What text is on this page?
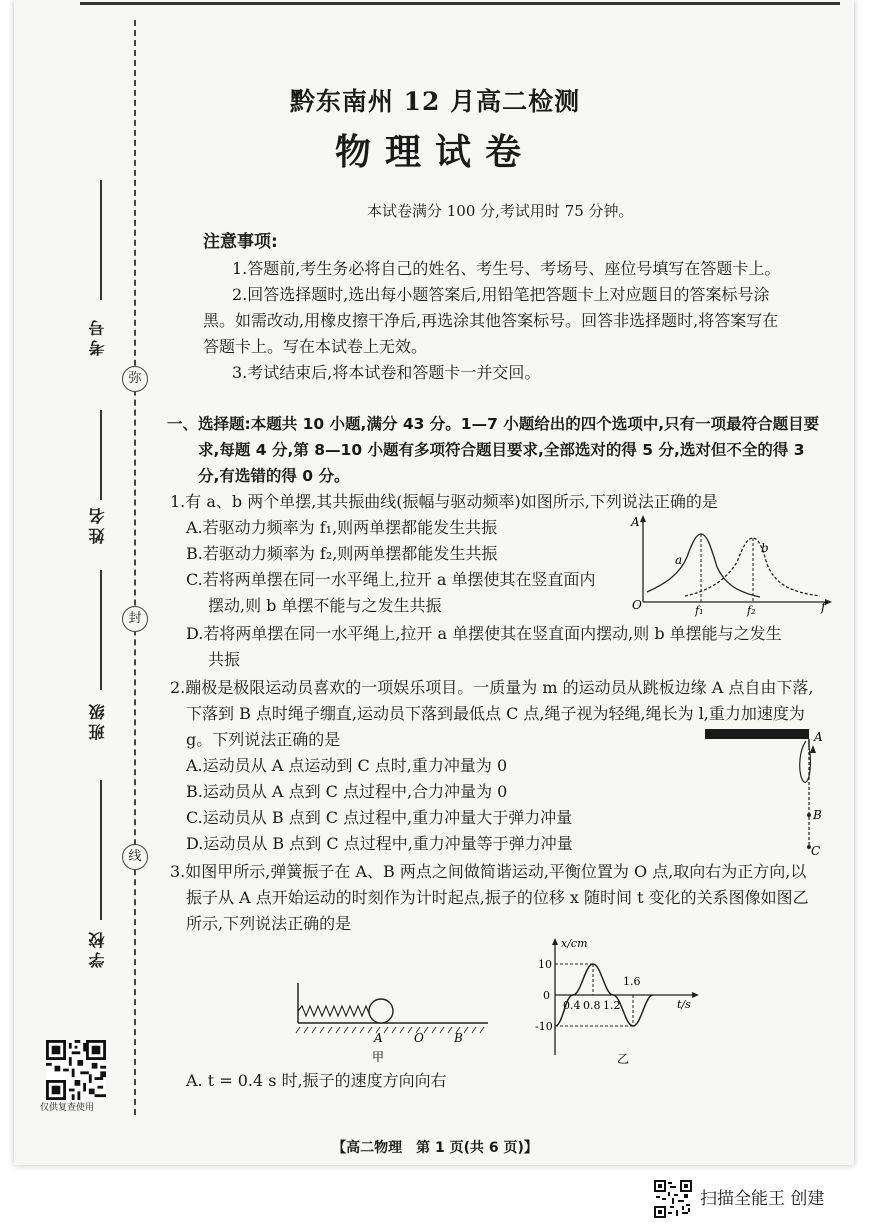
弥
封
线
考号
姓名
班级
学校
仅供复查使用
黔东南州 12 月高二检测
物理试卷
本试卷满分 100 分,考试用时 75 分钟。
注意事项:
1.答题前,考生务必将自己的姓名、考生号、考场号、座位号填写在答题卡上。
2.回答选择题时,选出每小题答案后,用铅笔把答题卡上对应题目的答案标号涂
黑。如需改动,用橡皮擦干净后,再选涂其他答案标号。回答非选择题时,将答案写在
答题卡上。写在本试卷上无效。
3.考试结束后,将本试卷和答题卡一并交回。
一、选择题:本题共 10 小题,满分 43 分。1—7 小题给出的四个选项中,只有一项最符合题目要
求,每题 4 分,第 8—10 小题有多项符合题目要求,全部选对的得 5 分,选对但不全的得 3
分,有选错的得 0 分。
1.有 a、b 两个单摆,其共振曲线(振幅与驱动频率)如图所示,下列说法正确的是
A.若驱动力频率为 f₁,则两单摆都能发生共振
B.若驱动力频率为 f₂,则两单摆都能发生共振
C.若将两单摆在同一水平绳上,拉开 a 单摆使其在竖直面内
摆动,则 b 单摆不能与之发生共振
D.若将两单摆在同一水平绳上,拉开 a 单摆使其在竖直面内摆动,则 b 单摆能与之发生
共振
A
O	f
f₁	f₂
a
b
2.蹦极是极限运动员喜欢的一项娱乐项目。一质量为 m 的运动员从跳板边缘 A 点自由下落,
下落到 B 点时绳子绷直,运动员下落到最低点 C 点,绳子视为轻绳,绳长为 l,重力加速度为
g。下列说法正确的是
A.运动员从 A 点运动到 C 点时,重力冲量为 0
B.运动员从 A 点到 C 点过程中,合力冲量为 0
C.运动员从 B 点到 C 点过程中,重力冲量大于弹力冲量
D.运动员从 B 点到 C 点过程中,重力冲量等于弹力冲量
A
B
C
3.如图甲所示,弹簧振子在 A、B 两点之间做简谐运动,平衡位置为 O 点,取向右为正方向,以
振子从 A 点开始运动的时刻作为计时起点,振子的位移 x 随时间 t 变化的关系图像如图乙
所示,下列说法正确的是
A	O	B
甲
x/cm
t/s
10
0
-10
0.4 0.8 1.2
1.6
乙
A. t = 0.4 s 时,振子的速度方向向右
【高二物理　第 1 页(共 6 页)】
扫描全能王 创建
